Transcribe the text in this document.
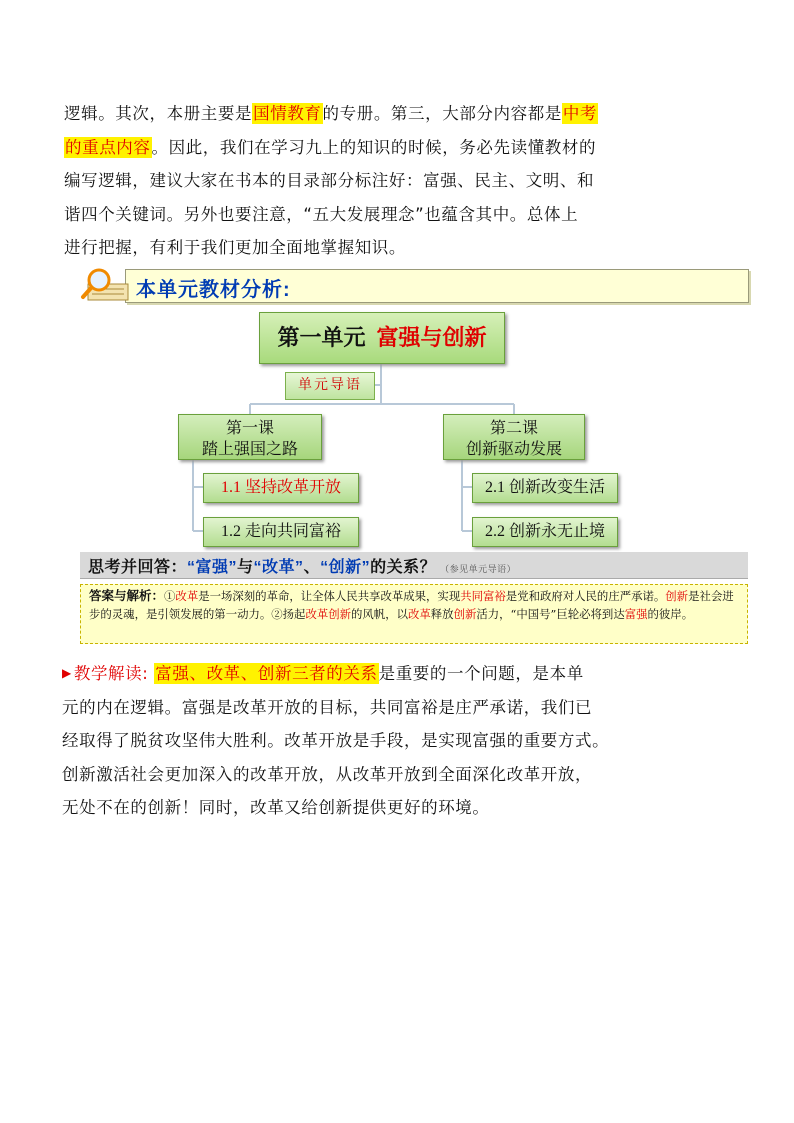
逻辑。其次，本册主要是国情教育的专册。第三，大部分内容都是中考
的重点内容。因此，我们在学习九上的知识的时候，务必先读懂教材的
编写逻辑，建议大家在书本的目录部分标注好：富强、民主、文明、和
谐四个关键词。另外也要注意，“五大发展理念”也蕴含其中。总体上
进行把握，有利于我们更加全面地掌握知识。
本单元教材分析:
第一单元  富强与创新
单元导语
第一课
踏上强国之路
第二课
创新驱动发展
1.1 坚持改革开放
1.2 走向共同富裕
2.1 创新改变生活
2.2 创新永无止境
思考并回答：“富强”与“改革”、“创新”的关系？ （参见单元导语）
答案与解析：①改革是一场深刻的革命，让全体人民共享改革成果，实现共同富裕是党和政府对人民的庄严承诺。创新是社会进步的灵魂，是引领发展的第一动力。②扬起改革创新的风帆，以改革释放创新活力，“中国号”巨轮必将到达富强的彼岸。
▶ 教学解读: 富强、改革、创新三者的关系是重要的一个问题，是本单
元的内在逻辑。富强是改革开放的目标，共同富裕是庄严承诺，我们已
经取得了脱贫攻坚伟大胜利。改革开放是手段，是实现富强的重要方式。
创新激活社会更加深入的改革开放，从改革开放到全面深化改革开放，
无处不在的创新！同时，改革又给创新提供更好的环境。
